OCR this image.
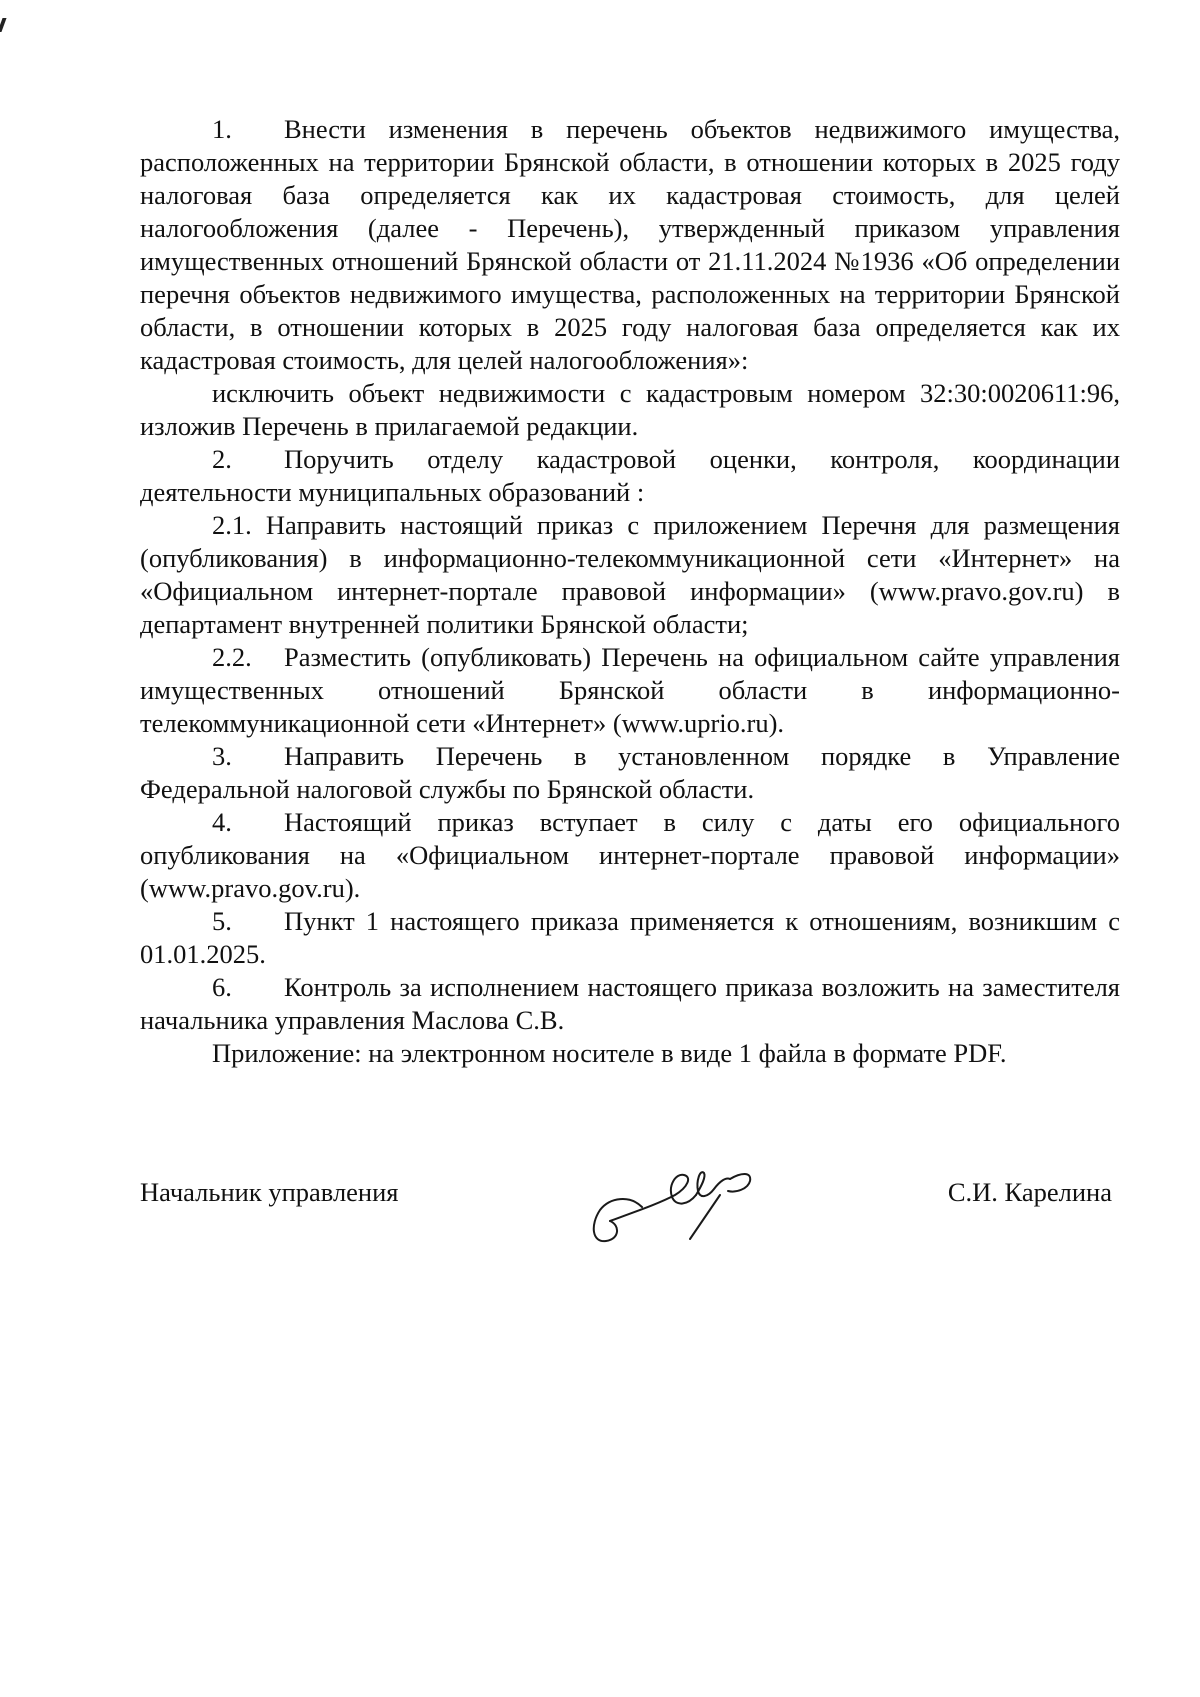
1. Внести изменения в перечень объектов недвижимого имущества, расположенных на территории Брянской области, в отношении которых в 2025 году налоговая база определяется как их кадастровая стоимость, для целей налогообложения (далее - Перечень), утвержденный приказом управления имущественных отношений Брянской области от 21.11.2024 №1936 «Об определении перечня объектов недвижимого имущества, расположенных на территории Брянской области, в отношении которых в 2025 году налоговая база определяется как их кадастровая стоимость, для целей налогообложения»:

исключить объект недвижимости с кадастровым номером 32:30:0020611:96, изложив Перечень в прилагаемой редакции.

2. Поручить отделу кадастровой оценки, контроля, координации деятельности муниципальных образований :

2.1. Направить настоящий приказ с приложением Перечня для размещения (опубликования) в информационно-телекоммуникационной сети «Интернет» на «Официальном интернет-портале правовой информации» (www.pravo.gov.ru) в департамент внутренней политики Брянской области;

2.2. Разместить (опубликовать) Перечень на официальном сайте управления имущественных отношений Брянской области в информационно-телекоммуникационной сети «Интернет» (www.uprio.ru).

3. Направить Перечень в установленном порядке в Управление Федеральной налоговой службы по Брянской области.

4. Настоящий приказ вступает в силу с даты его официального опубликования на «Официальном интернет-портале правовой информации» (www.pravo.gov.ru).

5. Пункт 1 настоящего приказа применяется к отношениям, возникшим с 01.01.2025.

6. Контроль за исполнением настоящего приказа возложить на заместителя начальника управления Маслова С.В.

Приложение: на электронном носителе в виде 1 файла в формате PDF.

Начальник управления	С.И. Карелина
